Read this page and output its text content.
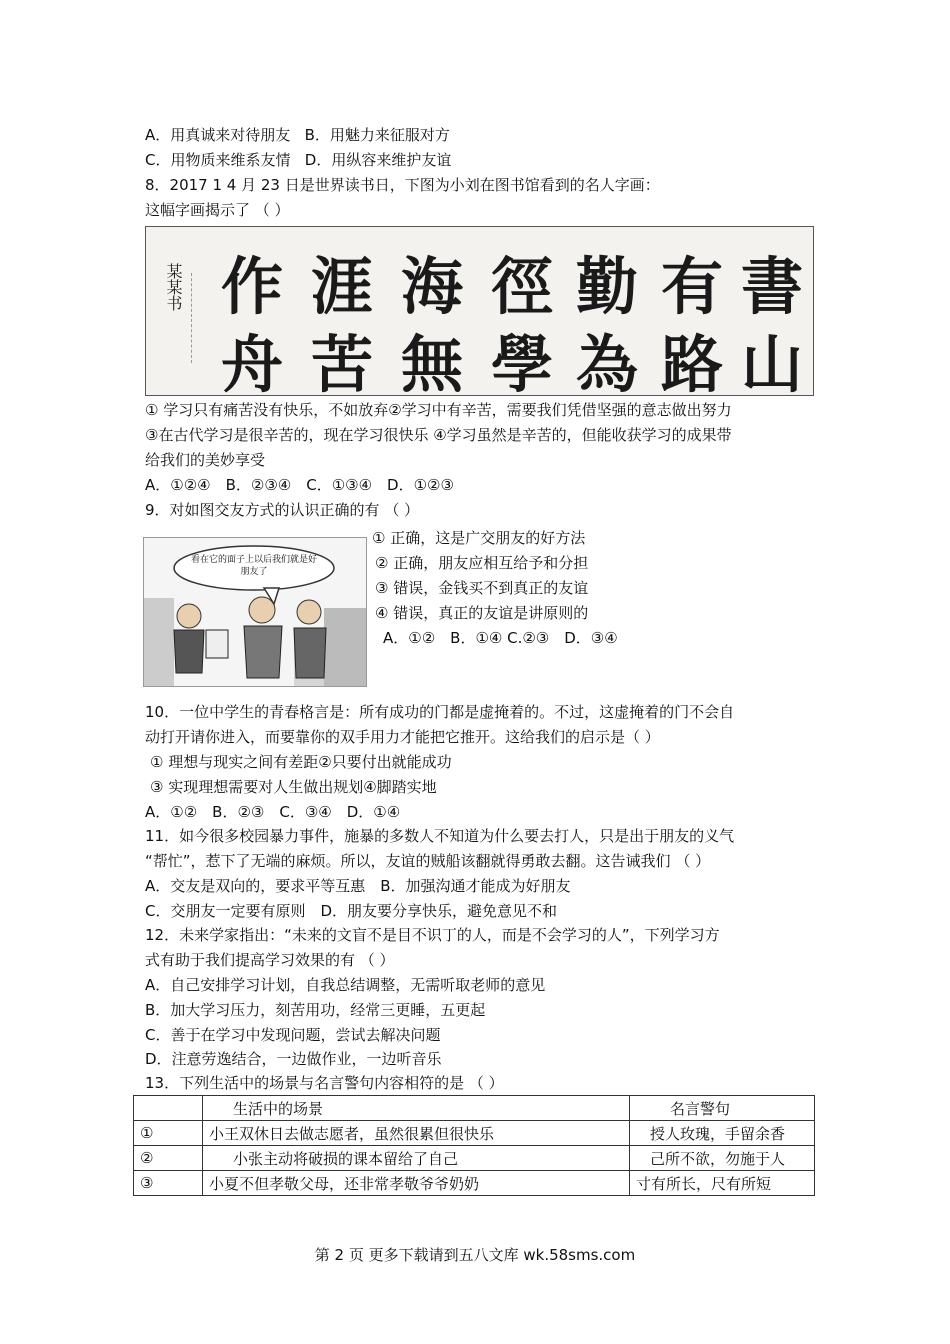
A．用真诚来对待朋友 B．用魅力来征服对方
C．用物质来维系友情 D．用纵容来维护友谊
8．2017 1 4 月 23 日是世界读书日，下图为小刘在图书馆看到的名人字画：
这幅字画揭示了 （ ）
某某书	書
有
勤
徑
海
涯
作
山
路
為
學
無
苦
舟
① 学习只有痛苦没有快乐，不如放弃②学习中有辛苦，需要我们凭借坚强的意志做出努力
③在古代学习是很辛苦的，现在学习很快乐 ④学习虽然是辛苦的，但能收获学习的成果带
给我们的美妙享受
A．①②④　B．②③④　C．①③④　D．①②③
9．对如图交友方式的认识正确的有 （ ）
看在它的面子上以后我们就是好朋友了
① 正确，这是广交朋友的好方法
② 正确，朋友应相互给予和分担
③ 错误，金钱买不到真正的友谊
④ 错误，真正的友谊是讲原则的
A．①②　B．①④ C.②③　D．③④
10．一位中学生的青春格言是：所有成功的门都是虚掩着的。不过，这虚掩着的门不会自
动打开请你进入，而要靠你的双手用力才能把它推开。这给我们的启示是（ ）
① 理想与现实之间有差距②只要付出就能成功
③ 实现理想需要对人生做出规划④脚踏实地
A．①②　B．②③　C．③④　D．①④
11．如今很多校园暴力事件，施暴的多数人不知道为什么要去打人，只是出于朋友的义气
“帮忙”，惹下了无端的麻烦。所以，友谊的贼船该翻就得勇敢去翻。这告诫我们 （ ）
A．交友是双向的，要求平等互惠　B．加强沟通才能成为好朋友
C．交朋友一定要有原则　D．朋友要分享快乐，避免意见不和
12．未来学家指出：“未来的文盲不是目不识丁的人，而是不会学习的人”，下列学习方
式有助于我们提高学习效果的有 （ ）
A．自己安排学习计划，自我总结调整，无需听取老师的意见
B．加大学习压力，刻苦用功，经常三更睡，五更起
C．善于在学习中发现问题，尝试去解决问题
D．注意劳逸结合，一边做作业，一边听音乐
13．下列生活中的场景与名言警句内容相符的是 （ ）
	生活中的场景	名言警句
①	小王双休日去做志愿者，虽然很累但很快乐	授人玫瑰，手留余香
②	小张主动将破损的课本留给了自己	己所不欲，勿施于人
③	小夏不但孝敬父母，还非常孝敬爷爷奶奶	寸有所长，尺有所短
第 2 页 更多下载请到五八文库 wk.58sms.com
